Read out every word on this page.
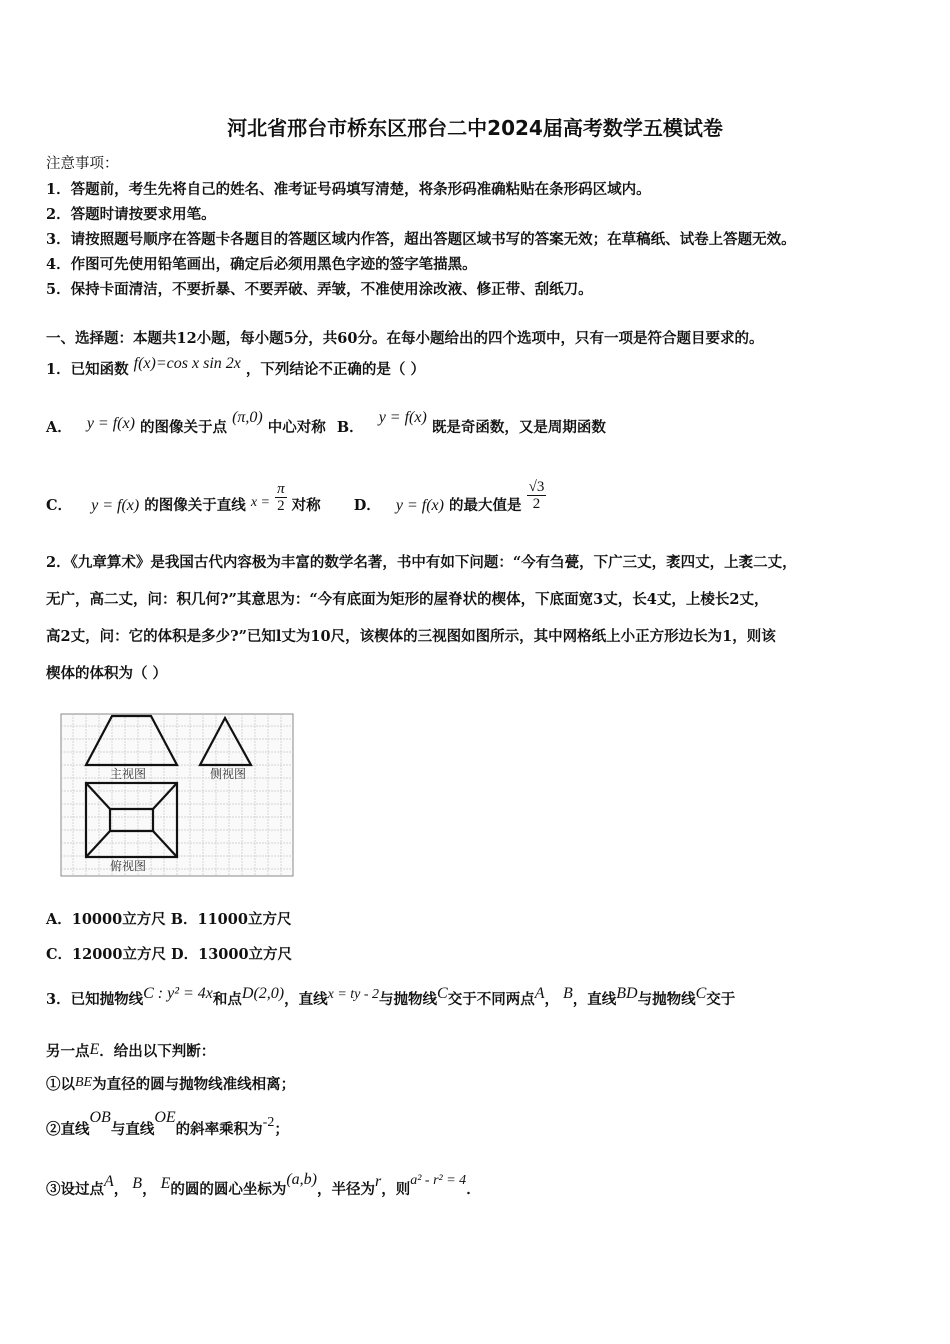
河北省邢台市桥东区邢台二中2024届高考数学五模试卷
注意事项：
1．答题前，考生先将自己的姓名、准考证号码填写清楚，将条形码准确粘贴在条形码区域内。
2．答题时请按要求用笔。
3．请按照题号顺序在答题卡各题目的答题区域内作答，超出答题区域书写的答案无效；在草稿纸、试卷上答题无效。
4．作图可先使用铅笔画出，确定后必须用黑色字迹的签字笔描黑。
5．保持卡面清洁，不要折暴、不要弄破、弄皱，不准使用涂改液、修正带、刮纸刀。
一、选择题：本题共12小题，每小题5分，共60分。在每小题给出的四个选项中，只有一项是符合题目要求的。
1．已知函数 f(x)=cos x sin 2x ，下列结论不正确的是（ ）
A． y = f(x) 的图像关于点 (π,0) 中心对称 B． y = f(x) 既是奇函数，又是周期函数
C． y = f(x) 的图像关于直线 $x = \frac{\pi}{2}$ 对称 D． y = f(x) 的最大值是 $\frac{√3}{2}$
2．《九章算术》是我国古代内容极为丰富的数学名著，书中有如下问题：“今有刍甍，下广三丈，袤四丈，上袤二丈，
无广，高二丈，问：积几何?”其意思为：“今有底面为矩形的屋脊状的楔体，下底面宽3丈，长4丈，上棱长2丈，
高2丈，问：它的体积是多少?”已知l丈为10尺，该楔体的三视图如图所示，其中网格纸上小正方形边长为1，则该
楔体的体积为（ ）
主视图	侧视图
俯视图
A．10000立方尺 B．11000立方尺
C．12000立方尺 D．13000立方尺
3．已知抛物线C : y² = 4x和点D(2,0)，直线x = ty - 2与抛物线C交于不同两点A， B，直线BD与抛物线C交于
另一点E．给出以下判断：
①以BE为直径的圆与抛物线准线相离；
②直线OB与直线OE的斜率乘积为-2；
③设过点A， B， E的圆的圆心坐标为(a,b)，半径为r，则a² - r² = 4．
